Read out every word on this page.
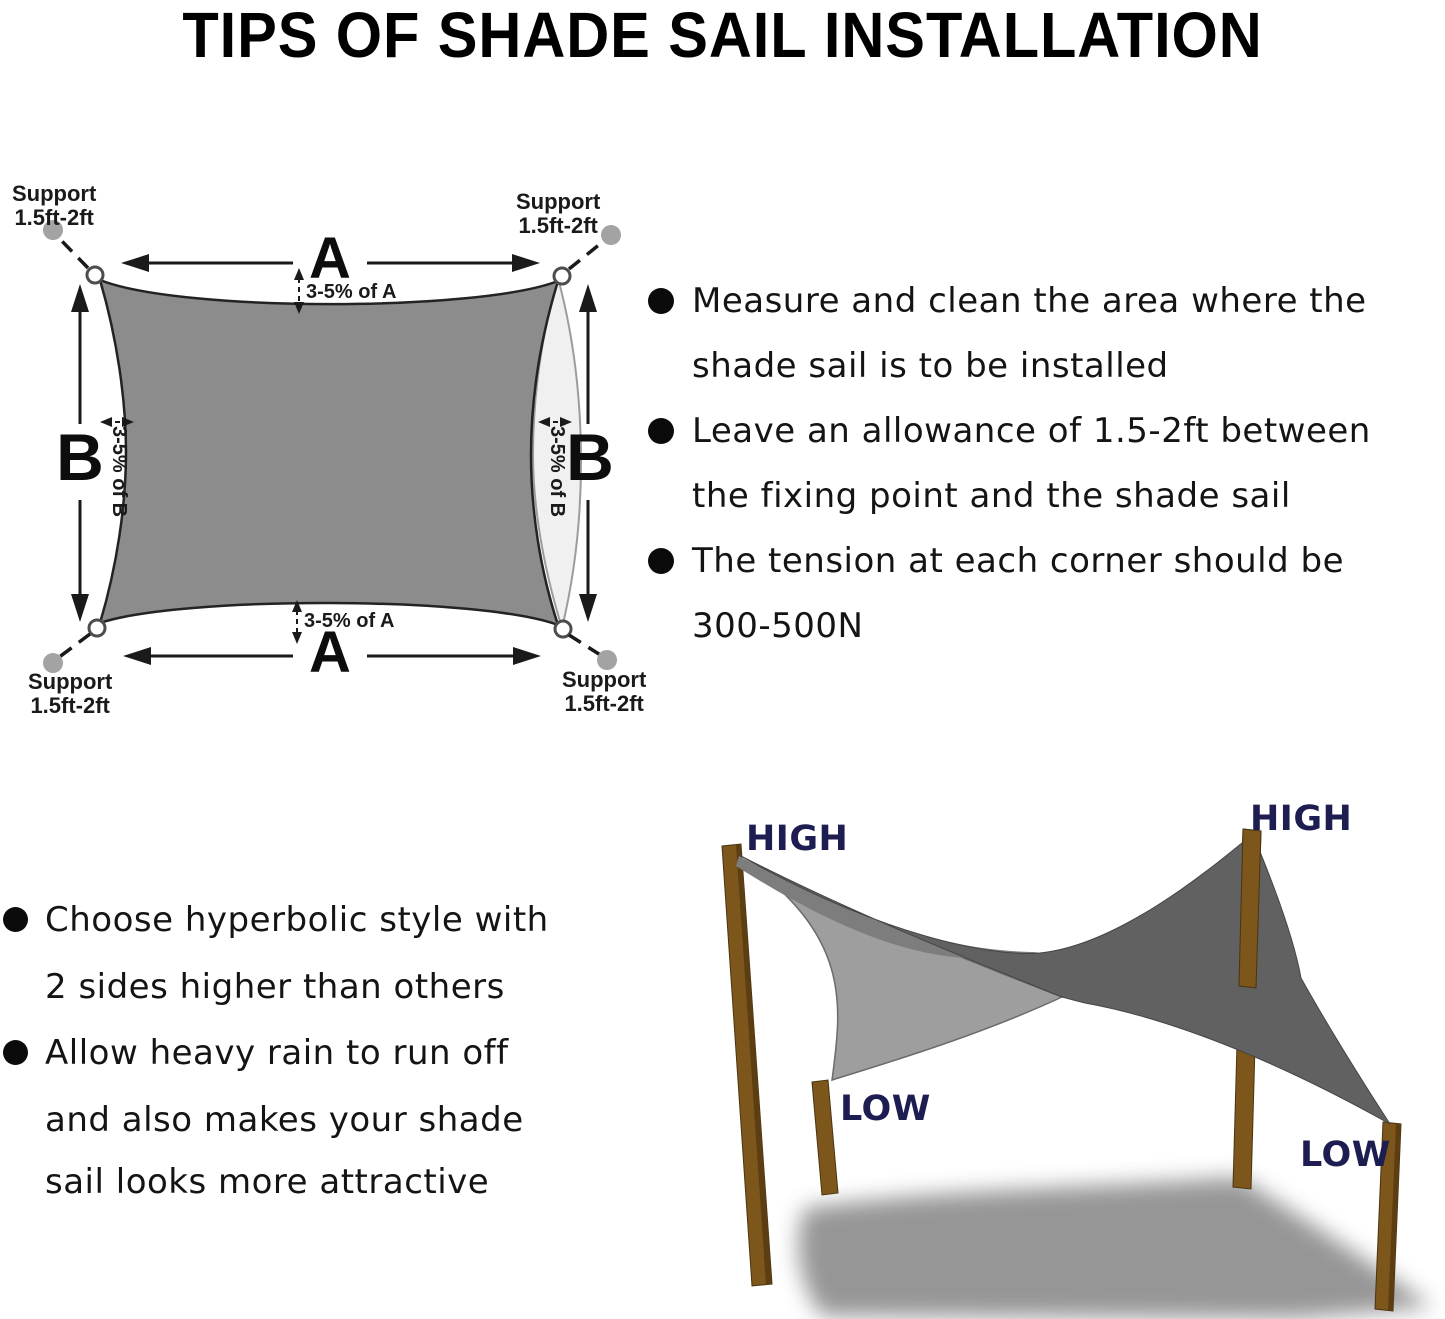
TIPS OF SHADE SAIL INSTALLATION
Support
1.5ft-2ft
Support
1.5ft-2ft
Support
1.5ft-2ft
Support
1.5ft-2ft
A
A
B	B
3-5% of A
3-5% of A
3-5% of B	3-5% of B
Measure and clean the area where the
shade sail is to be installed
Leave an allowance of 1.5-2ft between
the fixing point and the shade sail
The tension at each corner should be
300-500N
Choose hyperbolic style with
2 sides higher than others
Allow heavy rain to run off
and also makes your shade
sail looks more attractive
HIGH	HIGH
LOW
LOW
